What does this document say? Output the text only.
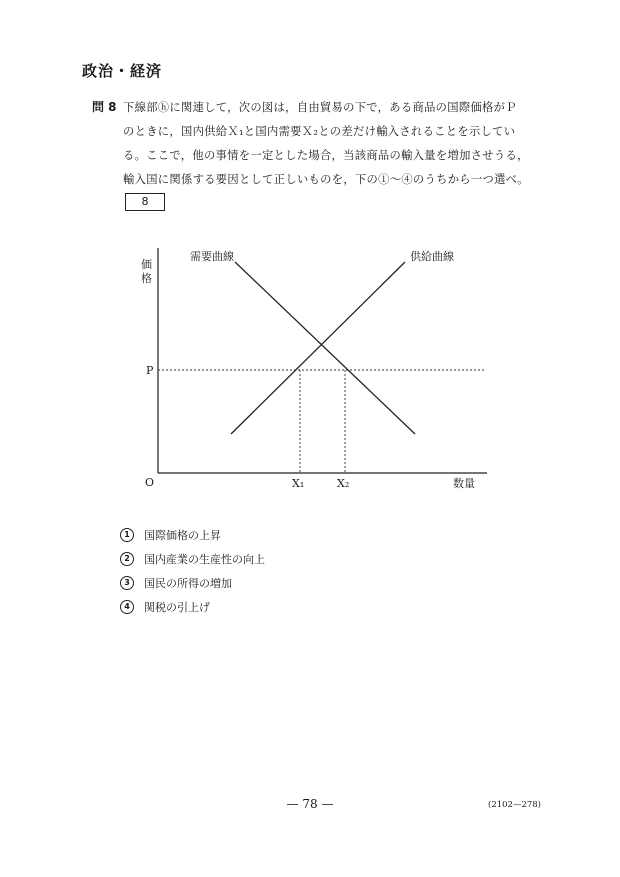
政治・経済
問 8 下線部ⓗに関連して，次の図は，自由貿易の下で，ある商品の国際価格がＰ

のときに，国内供給Ｘ₁と国内需要Ｘ₂との差だけ輸入されることを示してい

る。ここで，他の事情を一定とした場合，当該商品の輸入量を増加させうる，

輸入国に関係する要因として正しいものを，下の①～④のうちから一つ選べ。

8
価
格
O	数量
P
X₁	X₂
需要曲線	供給曲線
1	国際価格の上昇
2	国内産業の生産性の向上
3	国民の所得の増加
4	関税の引上げ
— 78 —	(2102—278)
